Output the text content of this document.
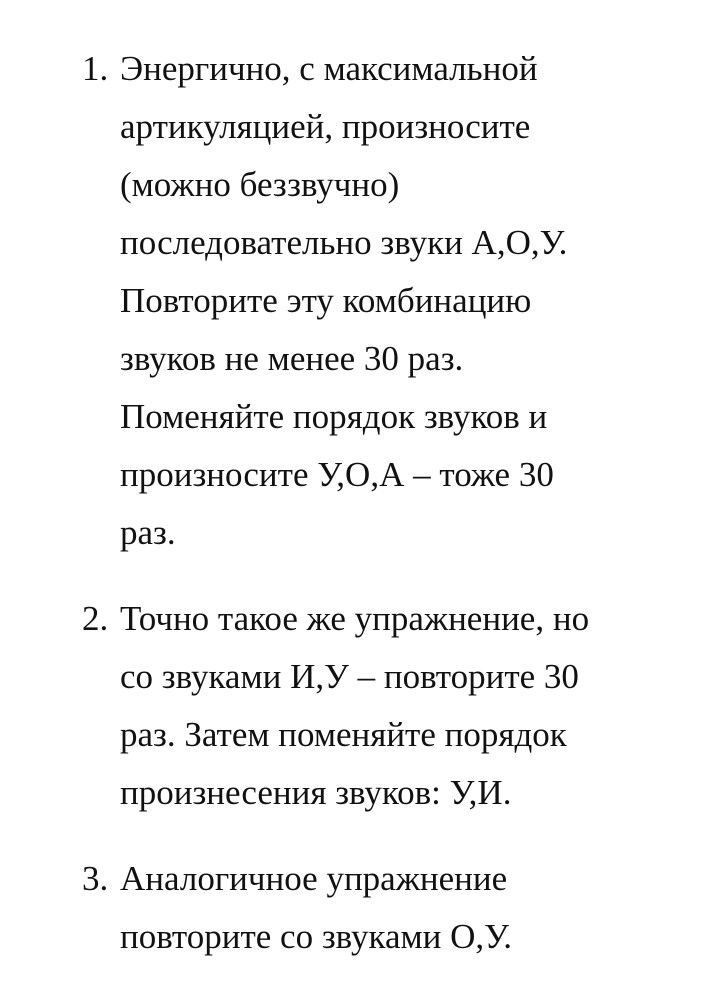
1. Энергично, с максимальной
артикуляцией, произносите
(можно беззвучно)
последовательно звуки А,О,У.
Повторите эту комбинацию
звуков не менее 30 раз.
Поменяйте порядок звуков и
произносите У,О,А – тоже 30
раз.
2. Точно такое же упражнение, но
со звуками И,У – повторите 30
раз. Затем поменяйте порядок
произнесения звуков: У,И.
3. Аналогичное упражнение
повторите со звуками О,У.
